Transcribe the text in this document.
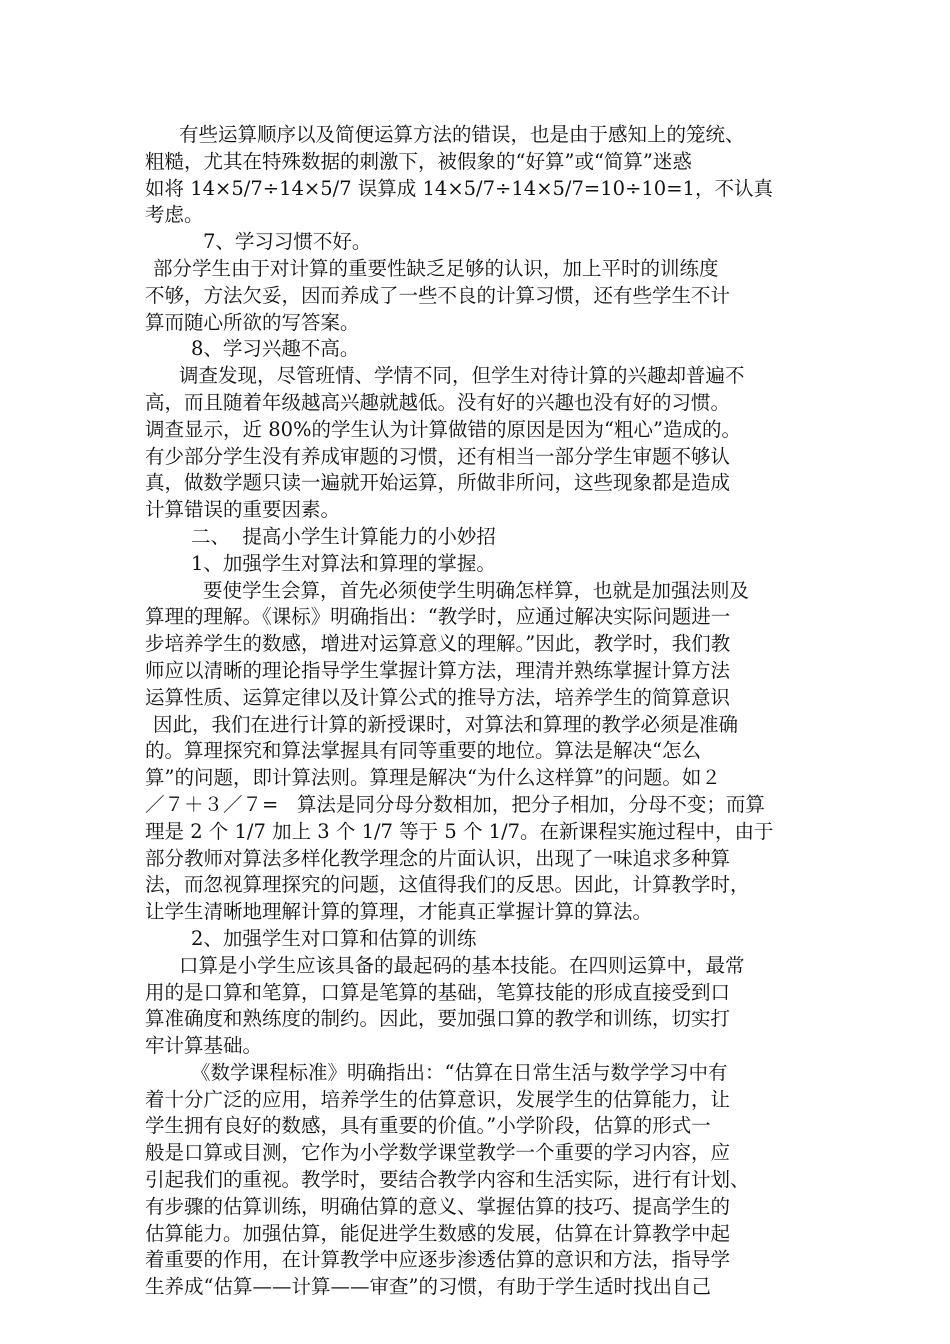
有些运算顺序以及简便运算方法的错误，也是由于感知上的笼统、
粗糙，尤其在特殊数据的刺激下，被假象的“好算”或“简算”迷惑
如将 14×5/7÷14×5/7 误算成 14×5/7÷14×5/7=10÷10=1，不认真
考虑。
7、学习习惯不好。
部分学生由于对计算的重要性缺乏足够的认识，加上平时的训练度
不够，方法欠妥，因而养成了一些不良的计算习惯，还有些学生不计
算而随心所欲的写答案。
8、学习兴趣不高。
调查发现，尽管班情、学情不同，但学生对待计算的兴趣却普遍不
高，而且随着年级越高兴趣就越低。没有好的兴趣也没有好的习惯。
调查显示，近 80%的学生认为计算做错的原因是因为“粗心”造成的。
有少部分学生没有养成审题的习惯，还有相当一部分学生审题不够认
真，做数学题只读一遍就开始运算，所做非所问，这些现象都是造成
计算错误的重要因素。
二、  提高小学生计算能力的小妙招
1、加强学生对算法和算理的掌握。
要使学生会算，首先必须使学生明确怎样算，也就是加强法则及
算理的理解。《课标》明确指出：“教学时，应通过解决实际问题进一
步培养学生的数感，增进对运算意义的理解。”因此，教学时，我们教
师应以清晰的理论指导学生掌握计算方法，理清并熟练掌握计算方法
运算性质、运算定律以及计算公式的推导方法，培养学生的简算意识
因此，我们在进行计算的新授课时，对算法和算理的教学必须是准确
的。算理探究和算法掌握具有同等重要的地位。算法是解决“怎么
算”的问题，即计算法则。算理是解决“为什么这样算”的问题。如２
／７＋３／７=   算法是同分母分数相加，把分子相加，分母不变；而算
理是 2 个 1/7 加上 3 个 1/7 等于 5 个 1/7。在新课程实施过程中，由于
部分教师对算法多样化教学理念的片面认识，出现了一味追求多种算
法，而忽视算理探究的问题，这值得我们的反思。因此，计算教学时，
让学生清晰地理解计算的算理，才能真正掌握计算的算法。
2、加强学生对口算和估算的训练
口算是小学生应该具备的最起码的基本技能。在四则运算中，最常
用的是口算和笔算，口算是笔算的基础，笔算技能的形成直接受到口
算准确度和熟练度的制约。因此，要加强口算的教学和训练，切实打
牢计算基础。
《数学课程标准》明确指出：“估算在日常生活与数学学习中有
着十分广泛的应用，培养学生的估算意识，发展学生的估算能力，让
学生拥有良好的数感，具有重要的价值。”小学阶段，估算的形式一
般是口算或目测，它作为小学数学课堂教学一个重要的学习内容，应
引起我们的重视。教学时，要结合教学内容和生活实际，进行有计划、
有步骤的估算训练，明确估算的意义、掌握估算的技巧、提高学生的
估算能力。加强估算，能促进学生数感的发展，估算在计算教学中起
着重要的作用，在计算教学中应逐步渗透估算的意识和方法，指导学
生养成“估算——计算——审查”的习惯，有助于学生适时找出自己
